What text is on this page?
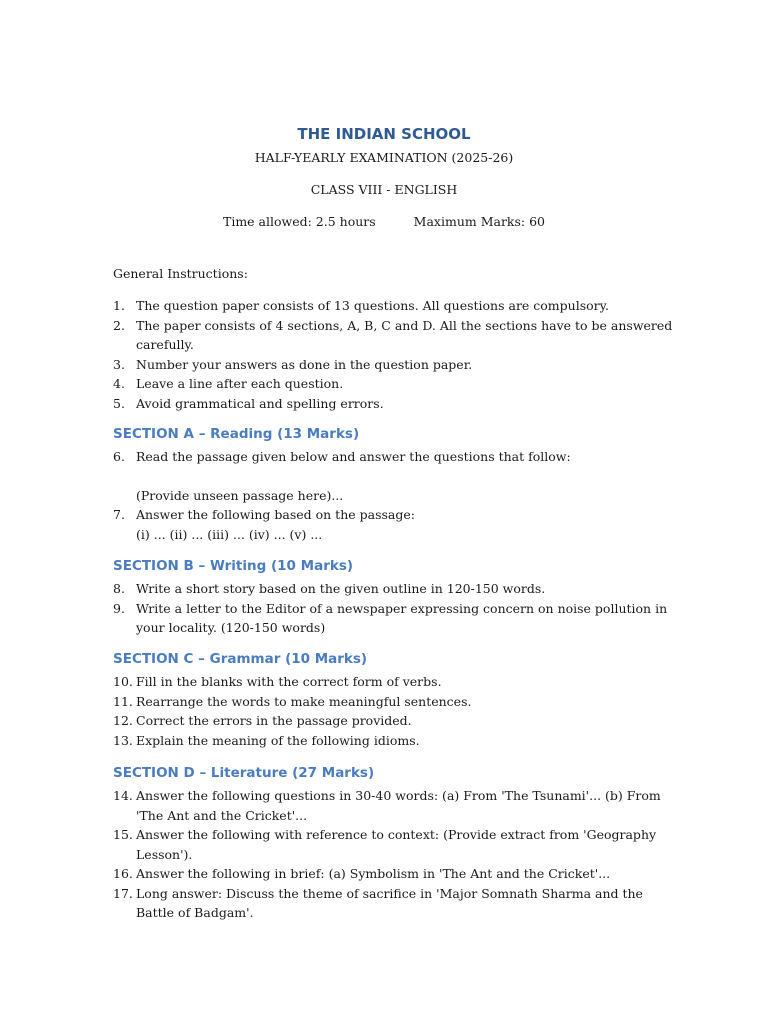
THE INDIAN SCHOOL

HALF-YEARLY EXAMINATION (2025-26)

CLASS VIII - ENGLISH

Time allowed: 2.5 hours	Maximum Marks: 60

General Instructions:

1. The question paper consists of 13 questions. All questions are compulsory.
2. The paper consists of 4 sections, A, B, C and D. All the sections have to be answered carefully.
3. Number your answers as done in the question paper.
4. Leave a line after each question.
5. Avoid grammatical and spelling errors.
SECTION A – Reading (13 Marks)
6. Read the passage given below and answer the questions that follow:

(Provide unseen passage here)...

7. Answer the following based on the passage:

(i) ... (ii) ... (iii) ... (iv) ... (v) ...

SECTION B – Writing (10 Marks)
8. Write a short story based on the given outline in 120-150 words.
9. Write a letter to the Editor of a newspaper expressing concern on noise pollution in your locality. (120-150 words)
SECTION C – Grammar (10 Marks)
10. Fill in the blanks with the correct form of verbs.
11. Rearrange the words to make meaningful sentences.
12. Correct the errors in the passage provided.
13. Explain the meaning of the following idioms.
SECTION D – Literature (27 Marks)
14. Answer the following questions in 30-40 words: (a) From 'The Tsunami'... (b) From 'The Ant and the Cricket'...
15. Answer the following with reference to context: (Provide extract from 'Geography Lesson').
16. Answer the following in brief: (a) Symbolism in 'The Ant and the Cricket'...
17. Long answer: Discuss the theme of sacrifice in 'Major Somnath Sharma and the Battle of Badgam'.
